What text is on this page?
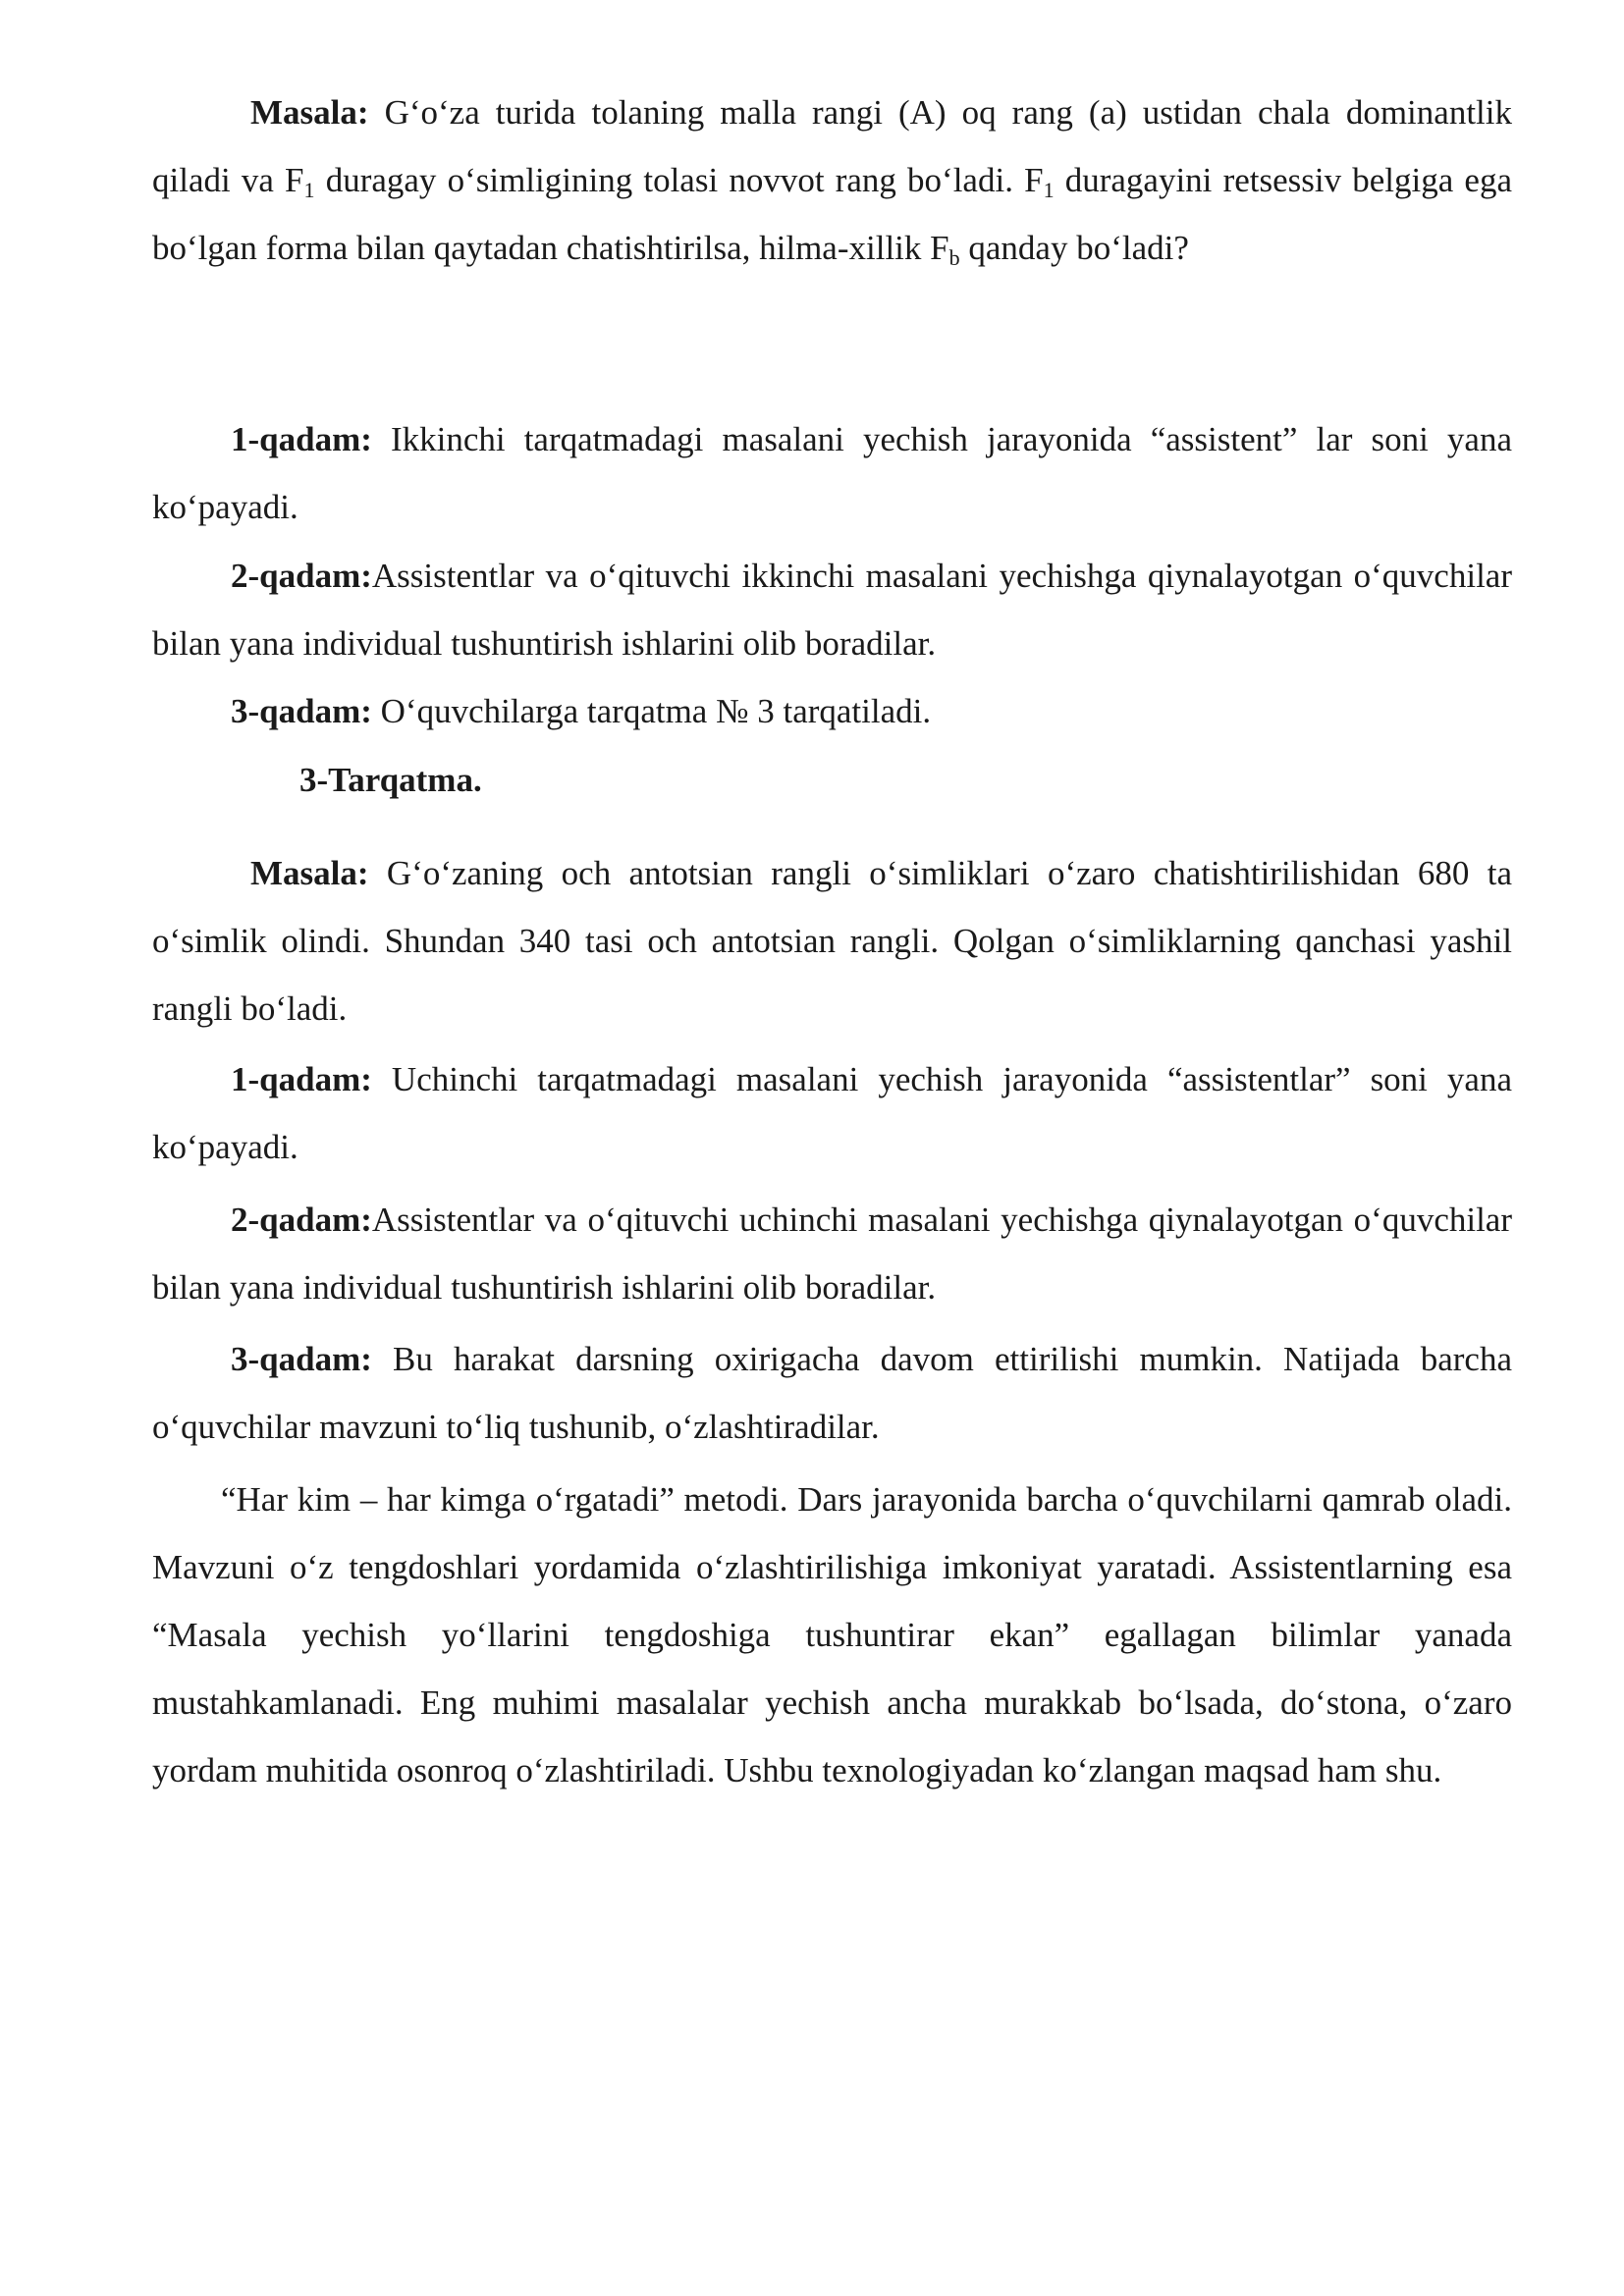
Masala: G‘o‘za turida tolaning malla rangi (A) oq rang (a) ustidan chala dominantlik qiladi va $F_1$ duragay o‘simligining tolasi novvot rang bo‘ladi. $F_1$ duragayini retsessiv belgiga ega bo‘lgan forma bilan qaytadan chatishtirilsa, hilma-xillik $F_b$ qanday bo‘ladi?

1-qadam: Ikkinchi tarqatmadagi masalani yechish jarayonida “assistent” lar soni yana ko‘payadi.

2-qadam:Assistentlar va o‘qituvchi ikkinchi masalani yechishga qiynalayotgan o‘quvchilar bilan yana individual tushuntirish ishlarini olib boradilar.

3-qadam: O‘quvchilarga tarqatma № 3 tarqatiladi.

3-Tarqatma.

Masala: G‘o‘zaning och antotsian rangli o‘simliklari o‘zaro chatishtirilishidan 680 ta o‘simlik olindi. Shundan 340 tasi och antotsian rangli. Qolgan o‘simliklarning qanchasi yashil rangli bo‘ladi.

1-qadam: Uchinchi tarqatmadagi masalani yechish jarayonida “assistentlar” soni yana ko‘payadi.

2-qadam:Assistentlar va o‘qituvchi uchinchi masalani yechishga qiynalayotgan o‘quvchilar bilan yana individual tushuntirish ishlarini olib boradilar.

3-qadam: Bu harakat darsning oxirigacha davom ettirilishi mumkin. Natijada barcha o‘quvchilar mavzuni to‘liq tushunib, o‘zlashtiradilar.

“Har kim – har kimga o‘rgatadi” metodi. Dars jarayonida barcha o‘quvchilarni qamrab oladi. Mavzuni o‘z tengdoshlari yordamida o‘zlashtirilishiga imkoniyat yaratadi. Assistentlarning esa “Masala yechish yo‘llarini tengdoshiga tushuntirar ekan” egallagan bilimlar yanada mustahkamlanadi. Eng muhimi masalalar yechish ancha murakkab bo‘lsada, do‘stona, o‘zaro yordam muhitida osonroq o‘zlashtiriladi. Ushbu texnologiyadan ko‘zlangan maqsad ham shu.
